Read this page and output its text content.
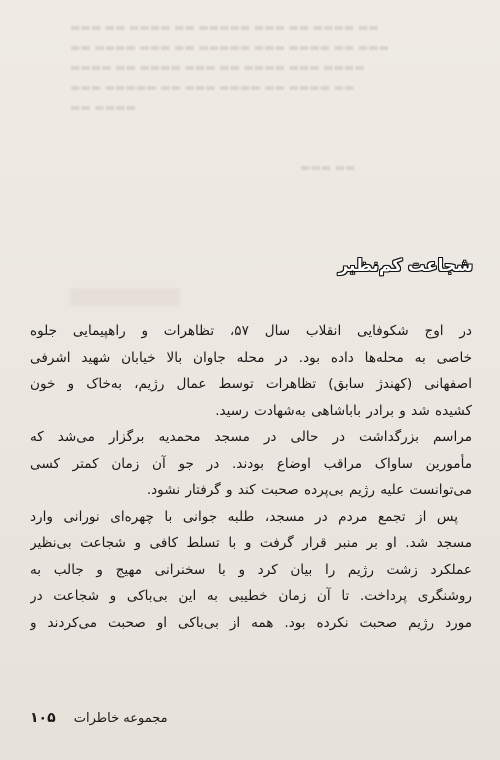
▬▬▬ ▬▬ ▬▬▬▬ ▬▬ ▬▬▬▬▬ ▬▬▬ ▬▬ ▬▬▬▬ ▬▬
▬▬ ▬▬▬▬ ▬▬▬ ▬▬ ▬▬▬▬▬ ▬▬▬ ▬▬▬▬ ▬▬ ▬▬▬
▬▬▬▬ ▬▬ ▬▬▬▬ ▬▬▬ ▬▬ ▬▬▬▬ ▬▬▬ ▬▬▬▬
▬▬▬ ▬▬▬▬▬ ▬▬ ▬▬▬ ▬▬▬▬ ▬▬ ▬▬▬▬ ▬▬
▬▬ ▬▬▬▬
▬▬▬ ▬▬
شجاعت کم‌نظیر
در اوج شکوفایی انقلاب سال ۵۷، تظاهرات و راهپیمایی جلوه
خاصی به محله‌ها داده بود. در محله جاوان بالا خیابان شهید اشرفی
اصفهانی (کهندژ سابق) تظاهرات توسط عمال رژیم، به‌خاک و خون
کشیده شد و برادر باباشاهی به‌شهادت رسید.
مراسم بزرگداشت در حالی در مسجد محمدیه برگزار می‌شد که
مأمورین ساواک مراقب اوضاع بودند. در جو آن زمان کمتر کسی
می‌توانست علیه رژیم بی‌پرده صحبت کند و گرفتار نشود.
پس از تجمع مردم در مسجد، طلبه جوانی با چهره‌ای نورانی وارد
مسجد شد. او بر منبر قرار گرفت و با تسلط کافی و شجاعت بی‌نظیر
عملکرد زشت رژیم را بیان کرد و با سخنرانی مهیج و جالب به
روشنگری پرداخت. تا آن زمان خطیبی به این بی‌باکی و شجاعت در
مورد رژیم صحبت نکرده بود. همه از بی‌باکی او صحبت می‌کردند و
مجموعه خاطرات ۱۰۵
